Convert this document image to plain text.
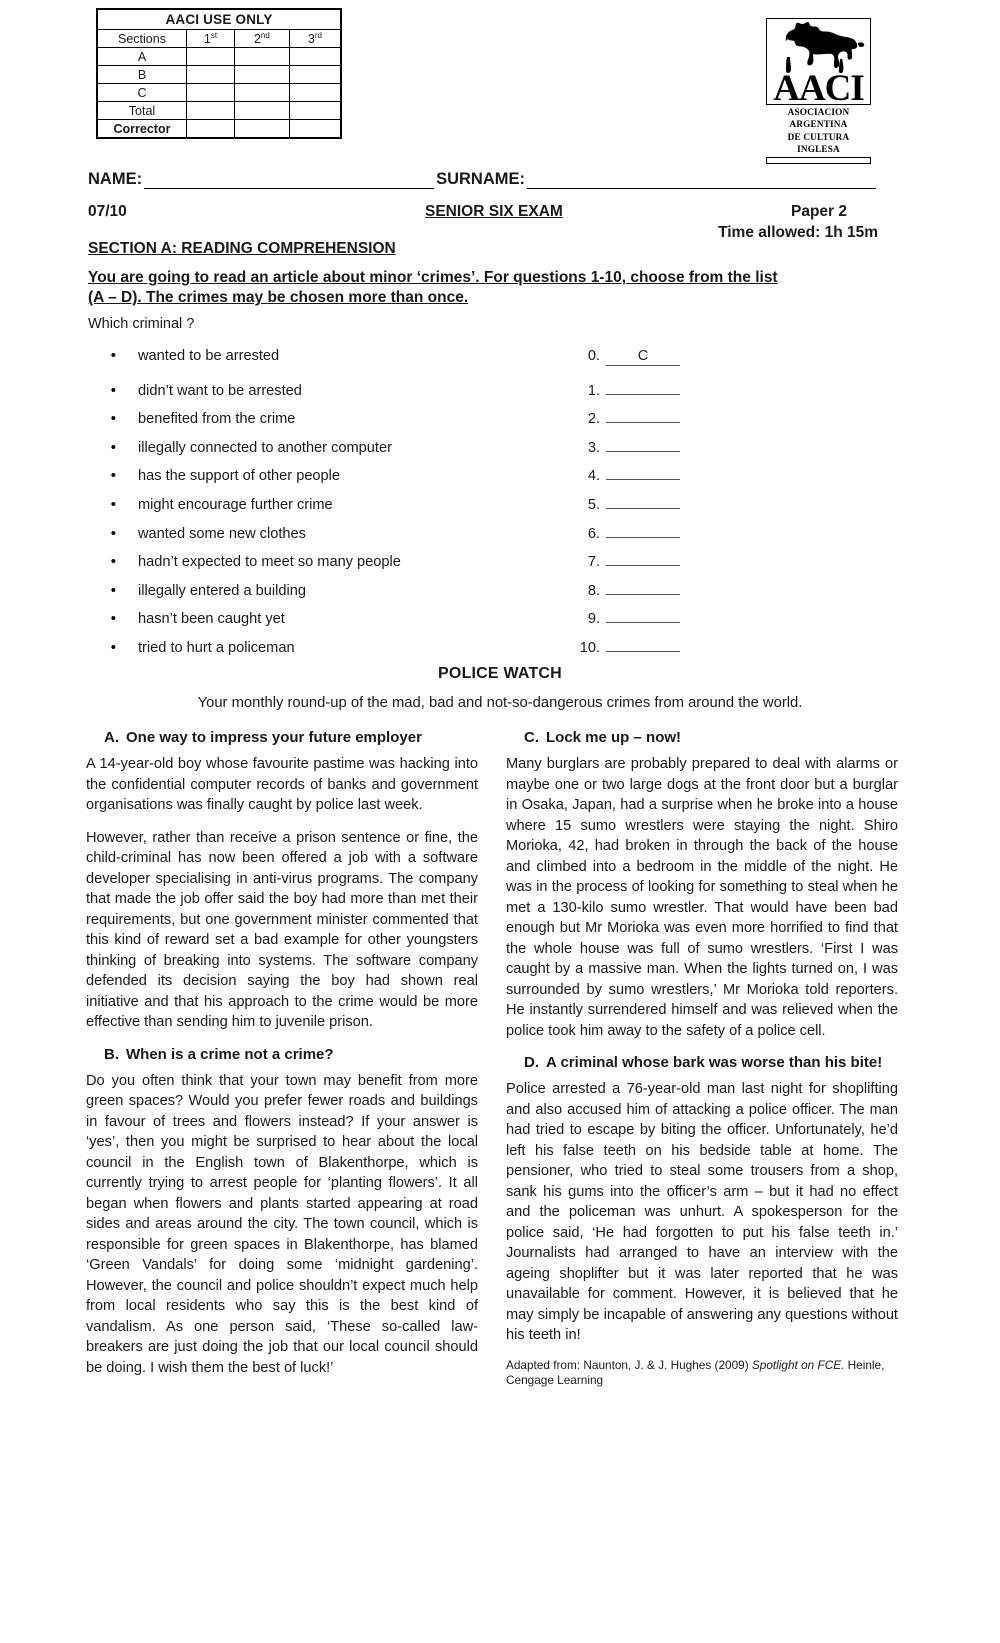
AACI USE ONLY			
Sections	1st	2nd	3rd
A			
B			
C			
Total			
Corrector			
AACI
ASOCIACION ARGENTINA
DE CULTURA INGLESA
NAME:	SURNAME:
07/10	SENIOR SIX EXAM	Paper 2
Time allowed: 1h 15m
SECTION A: READING COMPREHENSION
You are going to read an article about minor ‘crimes’. For questions 1-10, choose from the list
(A – D). The crimes may be chosen more than once.
Which criminal ?
•	wanted to be arrested	0.	C
•	didn’t want to be arrested	1.
•	benefited from the crime	2.
•	illegally connected to another computer	3.
•	has the support of other people	4.
•	might encourage further crime	5.
•	wanted some new clothes	6.
•	hadn’t expected to meet so many people	7.
•	illegally entered a building	8.
•	hasn’t been caught yet	9.
•	tried to hurt a policeman	10.
POLICE WATCH
Your monthly round-up of the mad, bad and not-so-dangerous crimes from around the world.
A. One way to impress your future employer

A 14-year-old boy whose favourite pastime was hacking into the confidential computer records of banks and government organisations was finally caught by police last week.

However, rather than receive a prison sentence or fine, the child-criminal has now been offered a job with a software developer specialising in anti-virus programs. The company that made the job offer said the boy had more than met their requirements, but one government minister commented that this kind of reward set a bad example for other youngsters thinking of breaking into systems. The software company defended its decision saying the boy had shown real initiative and that his approach to the crime would be more effective than sending him to juvenile prison.

B. When is a crime not a crime?

Do you often think that your town may benefit from more green spaces? Would you prefer fewer roads and buildings in favour of trees and flowers instead? If your answer is ‘yes’, then you might be surprised to hear about the local council in the English town of Blakenthorpe, which is currently trying to arrest people for ‘planting flowers’. It all began when flowers and plants started appearing at road sides and areas around the city. The town council, which is responsible for green spaces in Blakenthorpe, has blamed ‘Green Vandals’ for doing some ‘midnight gardening’. However, the council and police shouldn’t expect much help from local residents who say this is the best kind of vandalism. As one person said, ‘These so-called law-breakers are just doing the job that our local council should be doing. I wish them the best of luck!’

C. Lock me up – now!

Many burglars are probably prepared to deal with alarms or maybe one or two large dogs at the front door but a burglar in Osaka, Japan, had a surprise when he broke into a house where 15 sumo wrestlers were staying the night. Shiro Morioka, 42, had broken in through the back of the house and climbed into a bedroom in the middle of the night. He was in the process of looking for something to steal when he met a 130-kilo sumo wrestler. That would have been bad enough but Mr Morioka was even more horrified to find that the whole house was full of sumo wrestlers. ‘First I was caught by a massive man. When the lights turned on, I was surrounded by sumo wrestlers,’ Mr Morioka told reporters. He instantly surrendered himself and was relieved when the police took him away to the safety of a police cell.

D. A criminal whose bark was worse than his bite!

Police arrested a 76-year-old man last night for shoplifting and also accused him of attacking a police officer. The man had tried to escape by biting the officer. Unfortunately, he’d left his false teeth on his bedside table at home. The pensioner, who tried to steal some trousers from a shop, sank his gums into the officer’s arm – but it had no effect and the policeman was unhurt. A spokesperson for the police said, ‘He had forgotten to put his false teeth in.’ Journalists had arranged to have an interview with the ageing shoplifter but it was later reported that he was unavailable for comment. However, it is believed that he may simply be incapable of answering any questions without his teeth in!

Adapted from: Naunton, J. & J. Hughes (2009) Spotlight on FCE. Heinle, Cengage Learning
